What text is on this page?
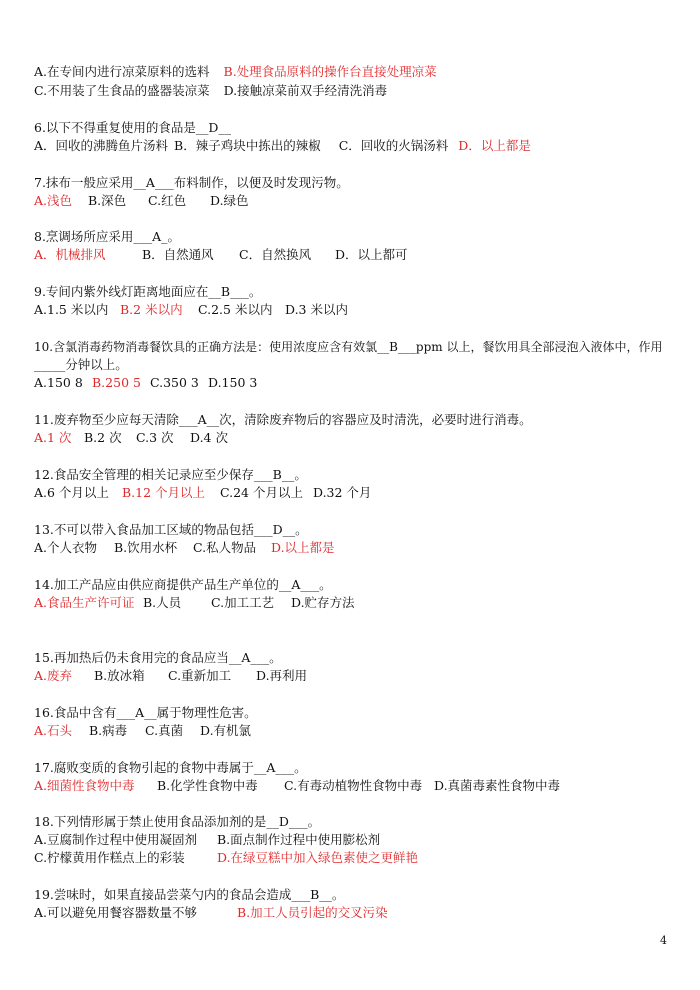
A.在专间内进行凉菜原料的选料 B.处理食品原料的操作台直接处理凉菜
C.不用装了生食品的盛器装凉菜 D.接触凉菜前双手经清洗消毒
6.以下不得重复使用的食品是__D__
A．回收的沸腾鱼片汤料 B．辣子鸡块中拣出的辣椒 C．回收的火锅汤料 D．以上都是
7.抹布一般应采用__A___布料制作，以便及时发现污物。
A.浅色 B.深色 C.红色 D.绿色
8.烹调场所应采用___A_。
A．机械排风	B．自然通风 C．自然换风 D．以上都可
9.专间内紫外线灯距离地面应在__B___。
A.1.5 米以内 B.2 米以内 C.2.5 米以内 D.3 米以内
10.含氯消毒药物消毒餐饮具的正确方法是：使用浓度应含有效氯__B___ppm 以上，餐饮用具全部浸泡入液体中，作用
_____分钟以上。
A.150 8 B.250 5 C.350 3 D.150 3
11.废弃物至少应每天清除___A__次，清除废弃物后的容器应及时清洗，必要时进行消毒。
A.1 次 B.2 次 C.3 次 D.4 次
12.食品安全管理的相关记录应至少保存___B__。
A.6 个月以上 B.12 个月以上 C.24 个月以上 D.32 个月
13.不可以带入食品加工区域的物品包括___D__。
A.个人衣物 B.饮用水杯 C.私人物品 D.以上都是
14.加工产品应由供应商提供产品生产单位的__A___。
A.食品生产许可证 B.人员 C.加工工艺 D.贮存方法
15.再加热后仍未食用完的食品应当__A___。
A.废弃 B.放冰箱 C.重新加工 D.再利用
16.食品中含有___A__属于物理性危害。
A.石头 B.病毒 C.真菌 D.有机氯
17.腐败变质的食物引起的食物中毒属于__A___。
A.细菌性食物中毒 B.化学性食物中毒 C.有毒动植物性食物中毒 D.真菌毒素性食物中毒
18.下列情形属于禁止使用食品添加剂的是__D___。
A.豆腐制作过程中使用凝固剂 B.面点制作过程中使用膨松剂
C.柠檬黄用作糕点上的彩装	D.在绿豆糕中加入绿色素使之更鲜艳
19.尝味时，如果直接品尝菜勺内的食品会造成___B__。
A.可以避免用餐容器数量不够	B.加工人员引起的交叉污染
4
